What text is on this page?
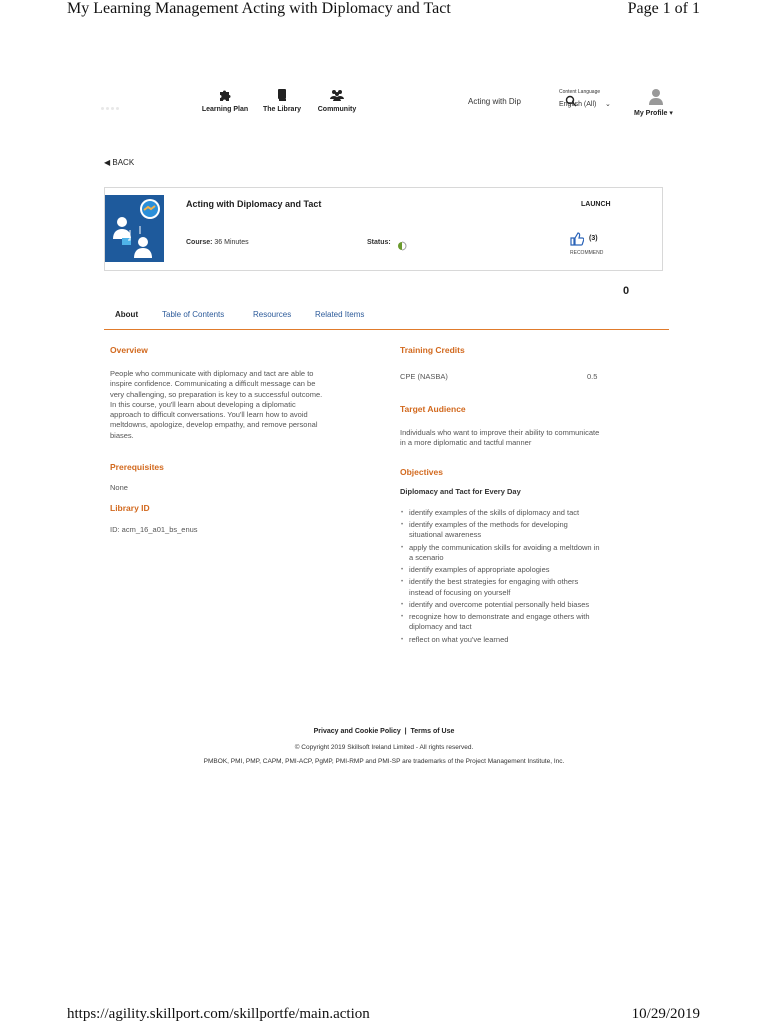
My Learning Management Acting with Diplomacy and Tact	Page 1 of 1
https://agility.skillport.com/skillportfe/main.action	10/29/2019
Learning Plan	The Library	Community
Acting with Dip
Content Language
English (All) ⌄
My Profile ▾
◀ BACK
Acting with Diplomacy and Tact
Course: 36 Minutes	Status:
LAUNCH
(3)
RECOMMEND
0
About	Table of Contents	Resources	Related Items
Overview
People who communicate with diplomacy and tact are able to
inspire confidence. Communicating a difficult message can be
very challenging, so preparation is key to a successful outcome.
In this course, you'll learn about developing a diplomatic
approach to difficult conversations. You'll learn how to avoid
meltdowns, apologize, develop empathy, and remove personal
biases.
Prerequisites
None
Library ID
ID: acm_16_a01_bs_enus
Training Credits
CPE (NASBA)	0.5
Target Audience
Individuals who want to improve their ability to communicate
in a more diplomatic and tactful manner
Objectives
Diplomacy and Tact for Every Day
• identify examples of the skills of diplomacy and tact
• identify examples of the methods for developing
situational awareness
• apply the communication skills for avoiding a meltdown in
a scenario
• identify examples of appropriate apologies
• identify the best strategies for engaging with others
instead of focusing on yourself
• identify and overcome potential personally held biases
• recognize how to demonstrate and engage others with
diplomacy and tact
• reflect on what you've learned
Privacy and Cookie Policy | Terms of Use
© Copyright 2019 Skillsoft Ireland Limited - All rights reserved.
PMBOK, PMI, PMP, CAPM, PMI-ACP, PgMP, PMI-RMP and PMI-SP are trademarks of the Project Management Institute, Inc.
